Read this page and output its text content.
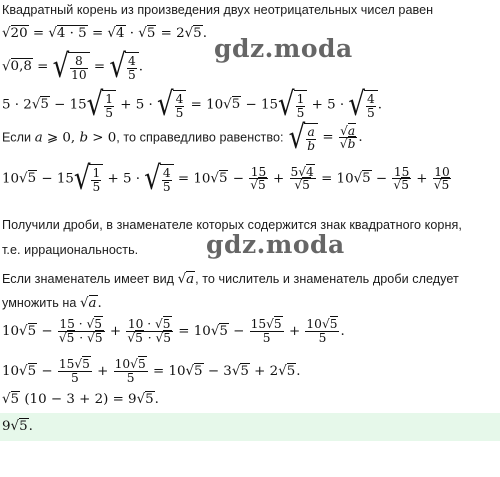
gdz.moda
gdz.moda
Квадратный корень из произведения двух неотрицательных чисел равен
√20 = √4 · 5 = √4 · √5 = 2√5.
√0,8 = √ $\frac{8}{10}$ = √ $\frac{4}{5}$ .
5 · 2√5 − 15 √ $\frac{1}{5} + 5$ · √ $\frac{4}{5} = 10√5 - 15$ √ $\frac{1}{5} + 5$ · √ $\frac{4}{5}$ .
Если a ⩾ 0, b > 0, то справедливо равенство: √ $\frac{a}{b} = \frac{√a}{√b}$ .
10√5 − 15 √ $\frac{1}{5} + 5$ · √ $\frac{4}{5} = 10√5 - \frac{15}{√5} + \frac{5√4}{√5} = 10√5 - \frac{15}{√5} + \frac{10}{√5}$
Получили дроби, в знаменателе которых содержится знак квадратного корня,
т.е. иррациональность.
Если знаменатель имеет вид √a, то числитель и знаменатель дроби следует
умножить на √a.
$10√5 - \frac{15 \cdot √5}{√5 \cdot √5} + \frac{10 \cdot √5}{√5 \cdot √5} = 10√5 - \frac{15√5}{5} + \frac{10√5}{5}$ .
$10√5 - \frac{15√5}{5} + \frac{10√5}{5} = 10√5 - 3√5 + 2√5$.
√5 (10 − 3 + 2) = 9√5.
9√5.
